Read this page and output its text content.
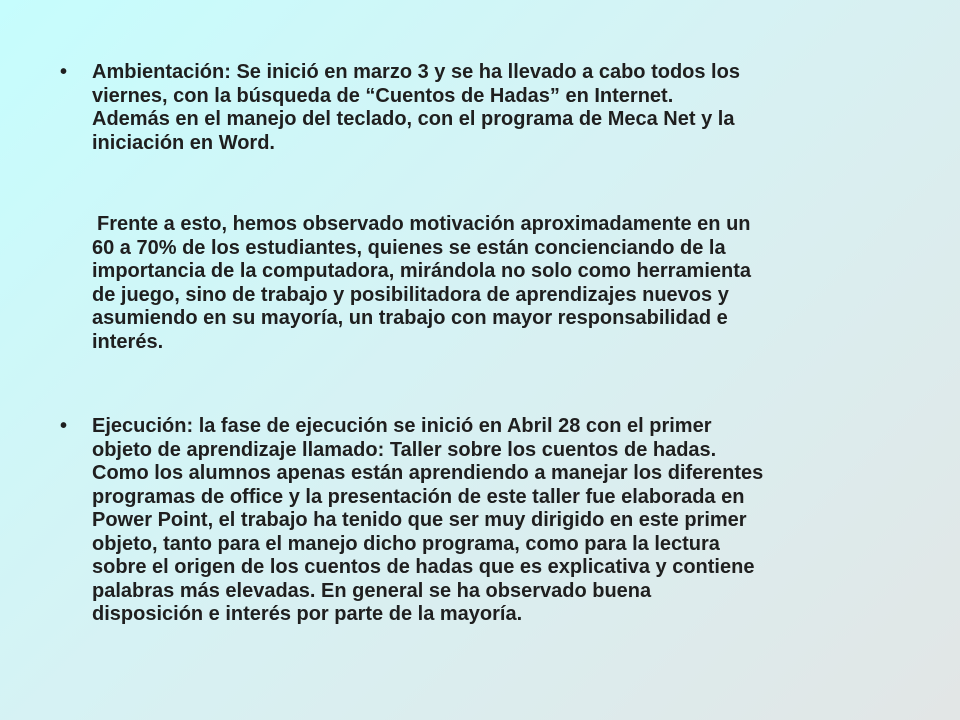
• Ambientación: Se inició en marzo 3 y se ha llevado a cabo todos los
viernes, con la búsqueda de “Cuentos de Hadas” en Internet.
Además en el manejo del teclado, con el programa de Meca Net y la
iniciación en Word.
Frente a esto, hemos observado motivación aproximadamente en un
60 a 70% de los estudiantes, quienes se están concienciando de la
importancia de la computadora, mirándola no solo como herramienta
de juego, sino de trabajo y posibilitadora de aprendizajes nuevos y
asumiendo en su mayoría, un trabajo con mayor responsabilidad e
interés.
• Ejecución: la fase de ejecución se inició en Abril 28 con el primer
objeto de aprendizaje llamado: Taller sobre los cuentos de hadas.
Como los alumnos apenas están aprendiendo a manejar los diferentes
programas de office y la presentación de este taller fue elaborada en
Power Point, el trabajo ha tenido que ser muy dirigido en este primer
objeto, tanto para el manejo dicho programa, como para la lectura
sobre el origen de los cuentos de hadas que es explicativa y contiene
palabras más elevadas. En general se ha observado buena
disposición e interés por parte de la mayoría.
